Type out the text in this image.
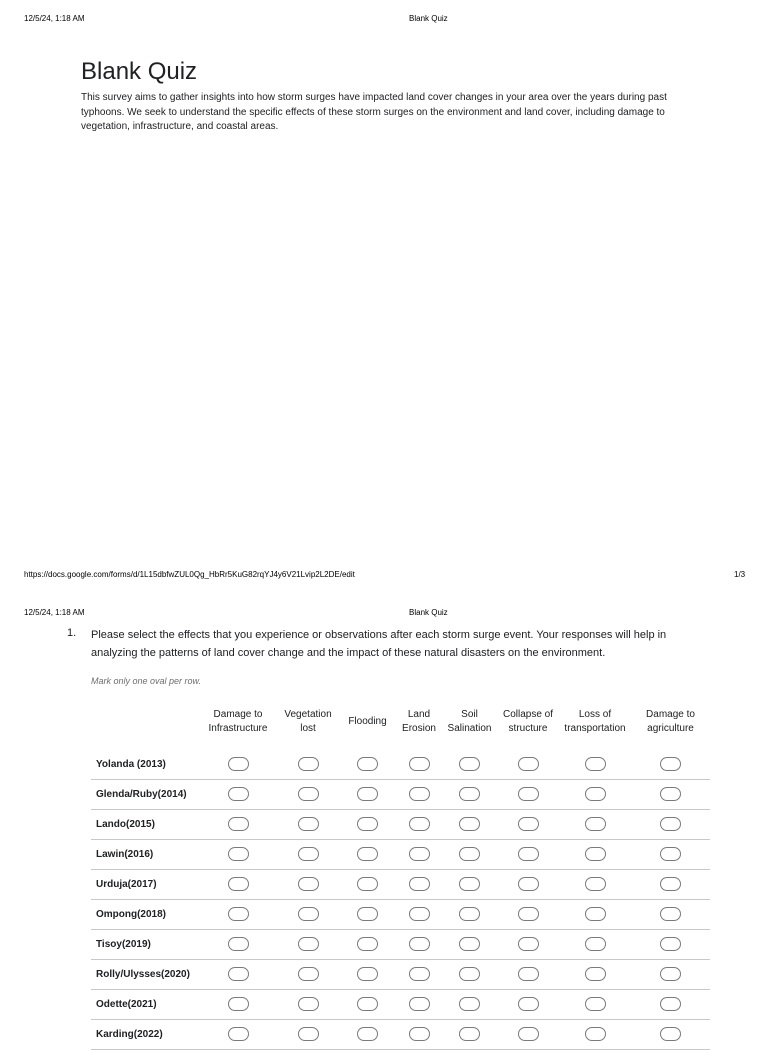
12/5/24, 1:18 AM	Blank Quiz
Blank Quiz

This survey aims to gather insights into how storm surges have impacted land cover changes in your area over the years during past typhoons. We seek to understand the specific effects of these storm surges on the environment and land cover, including damage to vegetation, infrastructure, and coastal areas.

https://docs.google.com/forms/d/1L15dbfwZUL0Qg_HbRr5KuG82rqYJ4y6V21Lvip2L2DE/edit	1/3
12/5/24, 1:18 AM	Blank Quiz
1. Please select the effects that you experience or observations after each storm surge event. Your responses will help in analyzing the patterns of land cover change and the impact of these natural disasters on the environment.
Mark only one oval per row.
	Damage to Infrastructure	Vegetation lost	Flooding	Land Erosion	Soil Salination	Collapse of structure	Loss of transportation	Damage to agriculture
Yolanda (2013)								
Glenda/Ruby(2014)								
Lando(2015)								
Lawin(2016)								
Urduja(2017)								
Ompong(2018)								
Tisoy(2019)								
Rolly/Ulysses(2020)								
Odette(2021)								
Karding(2022)								
